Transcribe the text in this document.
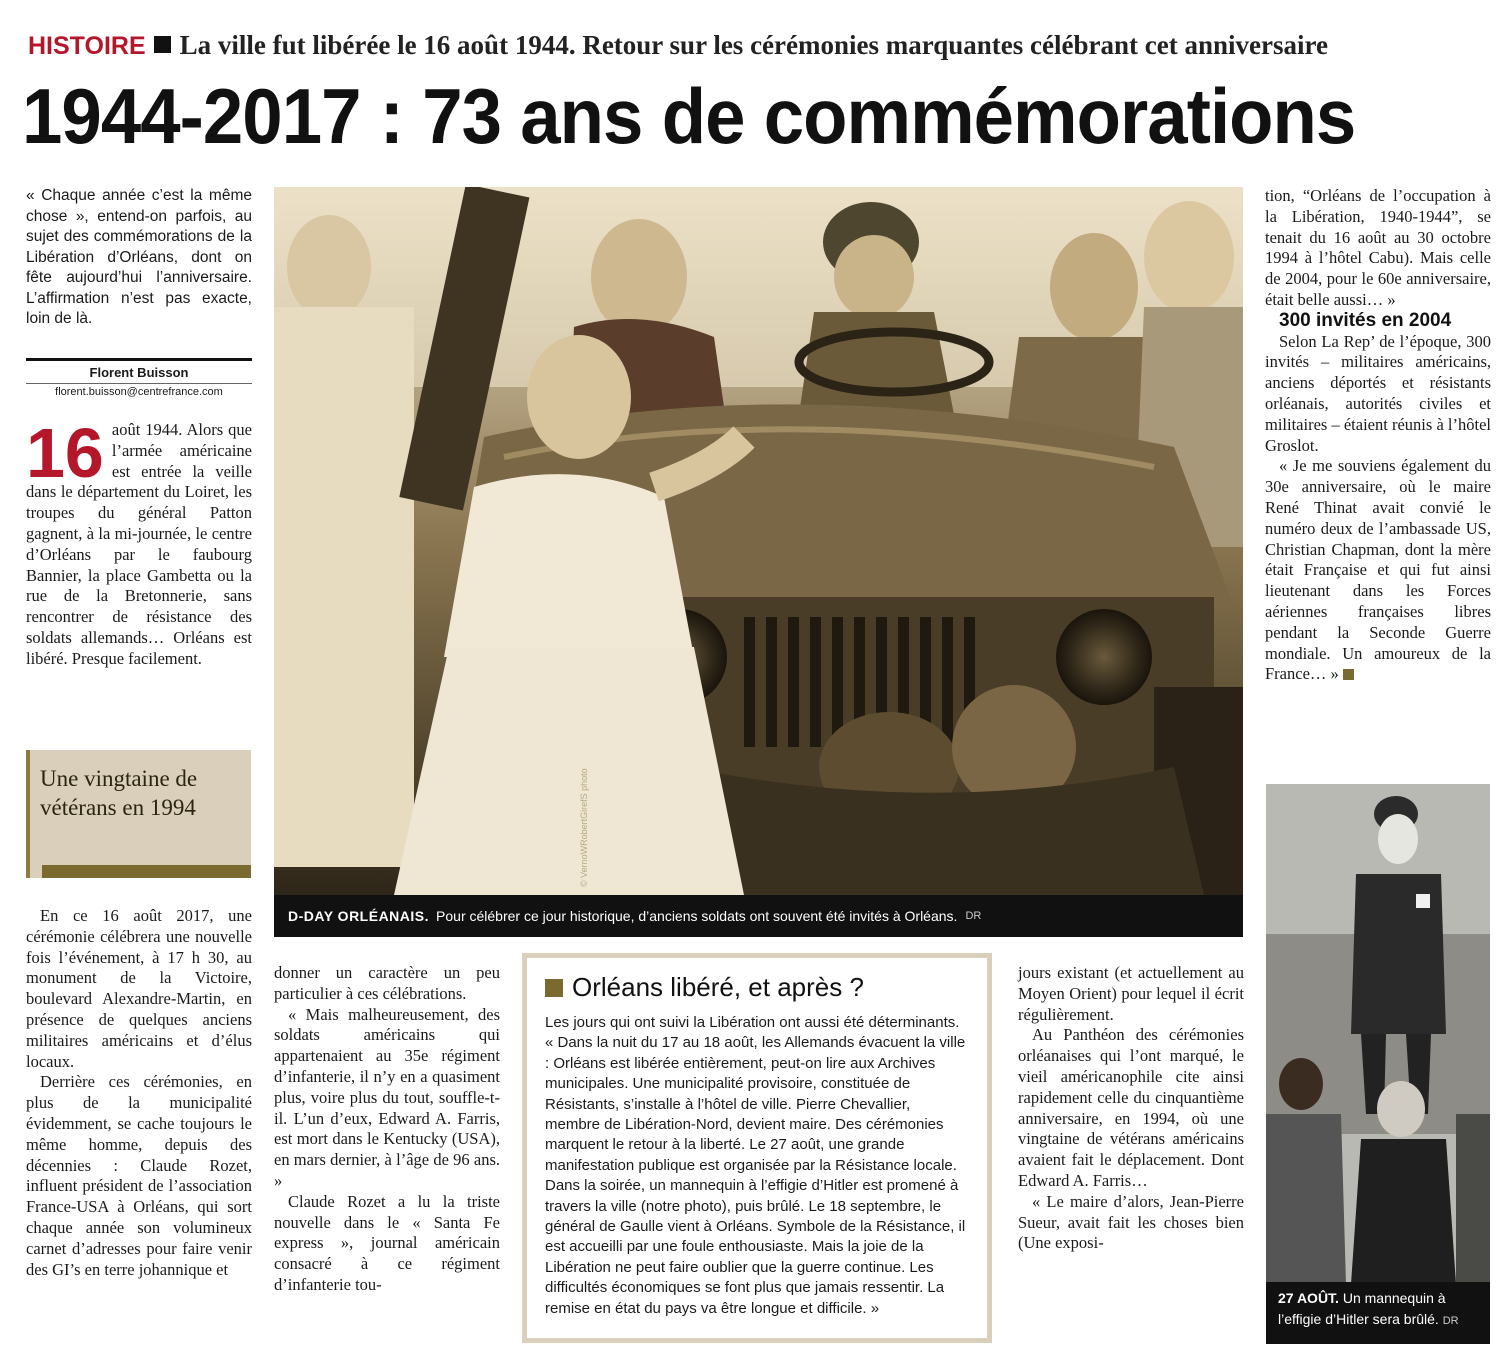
HISTOIRE La ville fut libérée le 16 août 1944. Retour sur les cérémonies marquantes célébrant cet anniversaire
1944-2017 : 73 ans de commémorations
« Chaque année c’est la même chose », entend-on parfois, au sujet des commémorations de la Libération d’Orléans, dont on fête aujourd’hui l’anniversaire. L’affirmation n’est pas exacte, loin de là.
Florent Buisson
florent.buisson@centrefrance.com
16 août 1944. Alors que l’armée américaine est entrée la veille dans le département du Loiret, les troupes du général Patton gagnent, à la mi-journée, le centre d’Orléans par le faubourg Bannier, la place Gambetta ou la rue de la Bretonnerie, sans rencontrer de résistance des soldats allemands… Orléans est libéré. Presque facilement.
Une vingtaine de vétérans en 1994

En ce 16 août 2017, une cérémonie célébrera une nouvelle fois l’événement, à 17 h 30, au monument de la Victoire, boulevard Alexandre-Martin, en présence de quelques anciens militaires américains et d’élus locaux.

Derrière ces cérémonies, en plus de la municipalité évidemment, se cache toujours le même homme, depuis des décennies : Claude Rozet, influent président de l’association France-USA à Orléans, qui sort chaque année son volumineux carnet d’adresses pour faire venir des GI’s en terre johannique et

© VernoWRobertGirefS photo
D-DAY ORLÉANAIS. Pour célébrer ce jour historique, d’anciens soldats ont souvent été invités à Orléans. DR

donner un caractère un peu particulier à ces célébrations.

« Mais malheureusement, des soldats américains qui appartenaient au 35e régiment d’infanterie, il n’y en a quasiment plus, voire plus du tout, souffle-t-il. L’un d’eux, Edward A. Farris, est mort dans le Kentucky (USA), en mars dernier, à l’âge de 96 ans. »

Claude Rozet a lu la triste nouvelle dans le « Santa Fe express », journal américain consacré à ce régiment d’infanterie tou-

Orléans libéré, et après ?
Les jours qui ont suivi la Libération ont aussi été déterminants. « Dans la nuit du 17 au 18 août, les Allemands évacuent la ville : Orléans est libérée entièrement, peut-on lire aux Archives municipales. Une municipalité provisoire, constituée de Résistants, s’installe à l’hôtel de ville. Pierre Chevallier, membre de Libération-Nord, devient maire. Des cérémonies marquent le retour à la liberté. Le 27 août, une grande manifestation publique est organisée par la Résistance locale. Dans la soirée, un mannequin à l’effigie d’Hitler est promené à travers la ville (notre photo), puis brûlé. Le 18 septembre, le général de Gaulle vient à Orléans. Symbole de la Résistance, il est accueilli par une foule enthousiaste. Mais la joie de la Libération ne peut faire oublier que la guerre continue. Les difficultés économiques se font plus que jamais ressentir. La remise en état du pays va être longue et difficile. »

jours existant (et actuellement au Moyen Orient) pour lequel il écrit régulièrement.

Au Panthéon des cérémonies orléanaises qui l’ont marqué, le vieil américanophile cite ainsi rapidement celle du cinquantième anniversaire, en 1994, où une vingtaine de vétérans américains avaient fait le déplacement. Dont Edward A. Farris…

« Le maire d’alors, Jean-Pierre Sueur, avait fait les choses bien (Une exposi-

tion, “Orléans de l’occupation à la Libération, 1940-1944”, se tenait du 16 août au 30 octobre 1994 à l’hôtel Cabu). Mais celle de 2004, pour le 60e anniversaire, était belle aussi… »

300 invités en 2004

Selon La Rep’ de l’époque, 300 invités – militaires américains, anciens déportés et résistants orléanais, autorités civiles et militaires – étaient réunis à l’hôtel Groslot.

« Je me souviens également du 30e anniversaire, où le maire René Thinat avait convié le numéro deux de l’ambassade US, Christian Chapman, dont la mère était Française et qui fut ainsi lieutenant dans les Forces aériennes françaises libres pendant la Seconde Guerre mondiale. Un amoureux de la France… »

27 AOÛT. Un mannequin à l’effigie d’Hitler sera brûlé. DR
